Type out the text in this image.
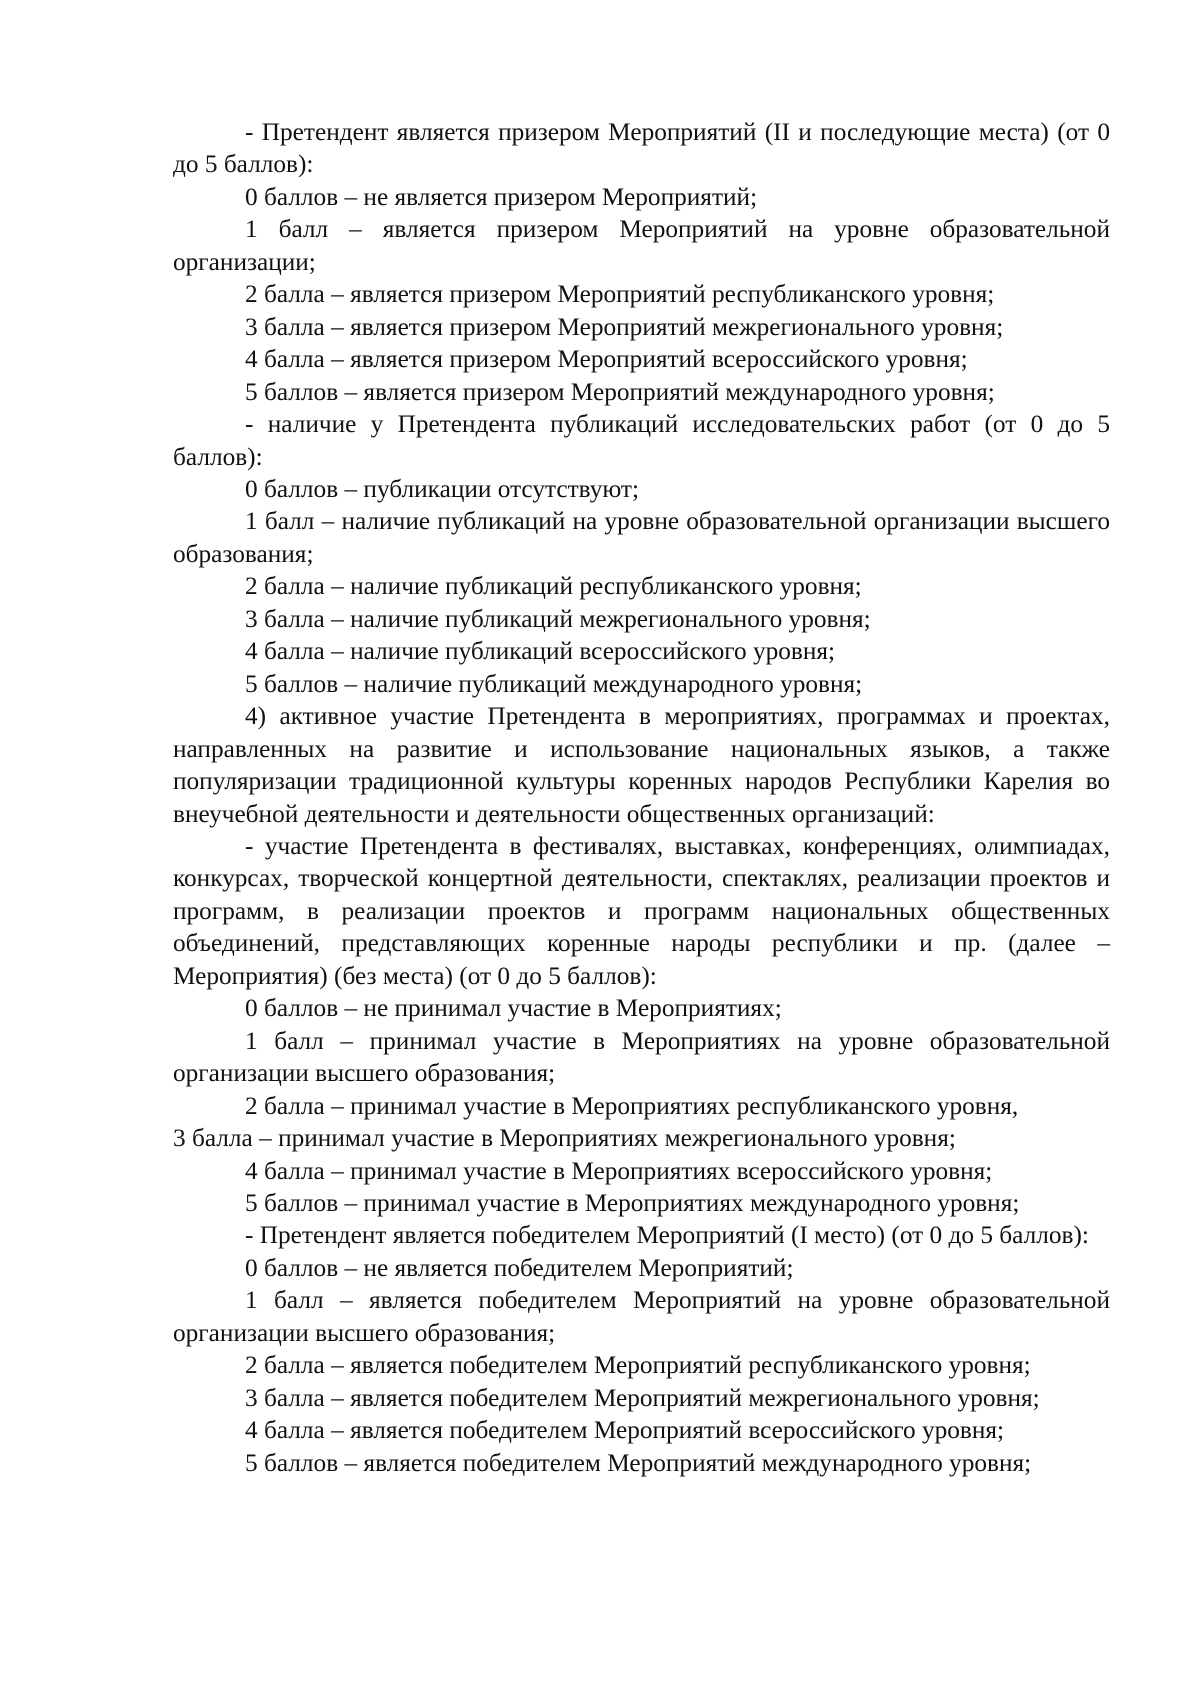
- Претендент является призером Мероприятий (II и последующие места) (от 0 до 5 баллов):

0 баллов – не является призером Мероприятий;

1 балл – является призером Мероприятий на уровне образовательной организации;

2 балла – является призером Мероприятий республиканского уровня;

3 балла – является призером Мероприятий межрегионального уровня;

4 балла – является призером Мероприятий всероссийского уровня;

5 баллов – является призером Мероприятий международного уровня;

- наличие у Претендента публикаций исследовательских работ (от 0 до 5 баллов):

0 баллов – публикации отсутствуют;

1 балл – наличие публикаций на уровне образовательной организации высшего образования;

2 балла – наличие публикаций республиканского уровня;

3 балла – наличие публикаций межрегионального уровня;

4 балла – наличие публикаций всероссийского уровня;

5 баллов – наличие публикаций международного уровня;

4) активное участие Претендента в мероприятиях, программах и проектах, направленных на развитие и использование национальных языков, а также популяризации традиционной культуры коренных народов Республики Карелия во внеучебной деятельности и деятельности общественных организаций:

- участие Претендента в фестивалях, выставках, конференциях, олимпиадах, конкурсах, творческой концертной деятельности, спектаклях, реализации проектов и программ, в реализации проектов и программ национальных общественных объединений, представляющих коренные народы республики и пр. (далее – Мероприятия) (без места) (от 0 до 5 баллов):

0 баллов – не принимал участие в Мероприятиях;

1 балл – принимал участие в Мероприятиях на уровне образовательной организации высшего образования;

2 балла – принимал участие в Мероприятиях республиканского уровня,

3 балла – принимал участие в Мероприятиях межрегионального уровня;

4 балла – принимал участие в Мероприятиях всероссийского уровня;

5 баллов – принимал участие в Мероприятиях международного уровня;

- Претендент является победителем Мероприятий (I место) (от 0 до 5 баллов):

0 баллов – не является победителем Мероприятий;

1 балл – является победителем Мероприятий на уровне образовательной организации высшего образования;

2 балла – является победителем Мероприятий республиканского уровня;

3 балла – является победителем Мероприятий межрегионального уровня;

4 балла – является победителем Мероприятий всероссийского уровня;

5 баллов – является победителем Мероприятий международного уровня;
